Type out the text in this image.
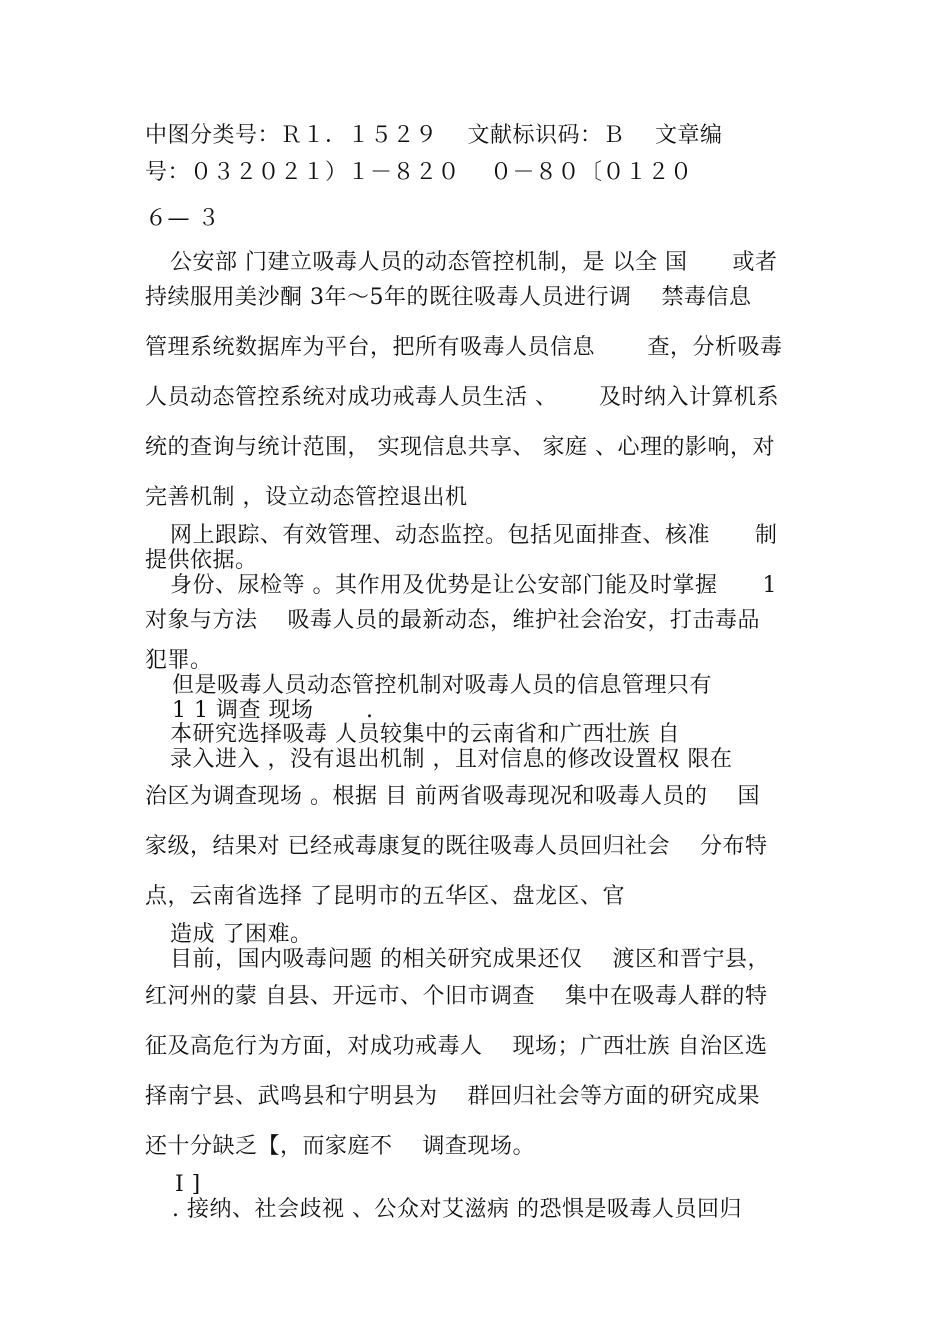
中图分类号：Ｒ１．１５２９　 文献标识码：Ｂ　 文章编
号：０３２０２１）１－８２０　 ０－８０〔０１２０
６— ３
公安部 门建立吸毒人员的动态管控机制，是 以全 国　　或者
持续服用美沙酮 3年～5年的既往吸毒人员进行调　 禁毒信息
管理系统数据库为平台，把所有吸毒人员信息　　 查，分析吸毒
人员动态管控系统对成功戒毒人员生活 、　　 及时纳入计算机系
统的查询与统计范围， 实现信息共享、 家庭 、心理的影响，对
完善机制 ，设立动态管控退出机
网上跟踪、有效管理、动态监控。包括见面排查、核准　　制
提供依据。
身份、尿检等 。其作用及优势是让公安部门能及时掌握　　1
对象与方法　 吸毒人员的最新动态，维护社会治安，打击毒品
犯罪。
但是吸毒人员动态管控机制对吸毒人员的信息管理只有
1 1 调查 现场　　 .
本研究选择吸毒 人员较集中的云南省和广西壮族 自
录入进入 ，没有退出机制 ，且对信息的修改设置权 限在
治区为调查现场 。根据 目 前两省吸毒现况和吸毒人员的　 国
家级，结果对 已经戒毒康复的既往吸毒人员回归社会　 分布特
点，云南省选择 了昆明市的五华区、盘龙区、官
造成 了困难。
目前，国内吸毒问题 的相关研究成果还仅　 渡区和晋宁县，
红河州的蒙 自县、开远市、个旧市调查　 集中在吸毒人群的特
征及高危行为方面，对成功戒毒人　 现场；广西壮族 自治区选
择南宁县、武鸣县和宁明县为　 群回归社会等方面的研究成果
还十分缺乏【，而家庭不　 调查现场。
I ]
. 接纳、社会歧视 、公众对艾滋病 的恐惧是吸毒人员回归
